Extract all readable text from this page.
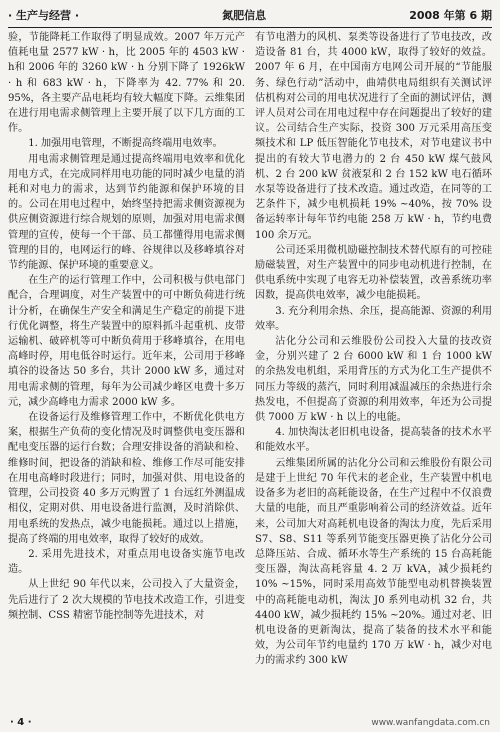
· 生产与经营 ·	氮肥信息	2008 年第 6 期

验，节能降耗工作取得了明显成效。2007 年万元产值耗电量 2577 kW · h，比 2005 年的 4503 kW · h和 2006 年的 3260 kW · h 分别下降了 1926kW · h 和 683 kW · h，下降率为 42. 77% 和 20. 95%，各主要产品电耗均有较大幅度下降。云维集团在进行用电需求侧管理上主要开展了以下几方面的工作。

1. 加强用电管理，不断提高终端用电效率。

用电需求侧管理是通过提高终端用电效率和优化用电方式，在完成同样用电功能的同时减少电量的消耗和对电力的需求，达到节约能源和保护环境的目的。公司在用电过程中，始终坚持把需求侧资源视为供应侧资源进行综合规划的原则，加强对用电需求侧管理的宣传，使每一个干部、员工都懂得用电需求侧管理的目的，电网运行的峰、谷规律以及移峰填谷对节约能源、保护环境的重要意义。

在生产的运行管理工作中，公司积极与供电部门配合，合理调度，对生产装置中的可中断负荷进行统计分析，在确保生产安全和满足生产稳定的前提下进行优化调整，将生产装置中的原料抓斗起重机、皮带运输机、破碎机等可中断负荷用于移峰填谷，在用电高峰时停，用电低谷时运行。近年来，公司用于移峰填谷的设备达 50 多台，共计 2000 kW 多，通过对用电需求侧的管理，每年为公司减少峰区电费十多万元，减少高峰电力需求 2000 kW 多。

在设备运行及维修管理工作中，不断优化供电方案，根据生产负荷的变化情况及时调整供电变压器和配电变压器的运行台数；合理安排设备的消缺和检、维修时间，把设备的消缺和检、维修工作尽可能安排在用电高峰时段进行；同时，加强对供、用电设备的管理，公司投资 40 多万元购置了 1 台远红外测温成相仪，定期对供、用电设备进行监测，及时消除供、用电系统的发热点，减少电能损耗。通过以上措施，提高了终端的用电效率，取得了较好的成效。

2. 采用先进技术，对重点用电设备实施节电改造。

从上世纪 90 年代以来，公司投入了大量资金，先后进行了 2 次大规模的节电技术改造工作，引进变频控制、CSS 精密节能控制等先进技术，对

有节电潜力的风机、泵类等设备进行了节电技改，改造设备 81 台，共 4000 kW，取得了较好的效益。2007 年 6 月，在中国南方电网公司开展的“节能服务、绿色行动”活动中，曲靖供电局组织有关测试评估机构对公司的用电状况进行了全面的测试评估，测评人员对公司在用电过程中存在问题提出了较好的建议。公司结合生产实际，投资 300 万元采用高压变频技术和 LP 低压智能化节电技术，对节电建议书中提出的有较大节电潜力的 2 台 450 kW 煤气鼓风机、2 台 200 kW 贫液泵和 2 台 152 kW 电石循环水泵等设备进行了技术改造。通过改造，在同等的工艺条件下，减少电机损耗 19% ~40%，按 70% 设备运转率计每年节约电能 258 万 kW · h，节约电费 100 余万元。

公司还采用微机励磁控制技术替代原有的可控硅励磁装置，对生产装置中的同步电动机进行控制，在供电系统中实现了电容无功补偿装置，改善系统功率因数，提高供电效率，减少电能损耗。

3. 充分利用余热、余压，提高能源、资源的利用效率。

沾化分公司和云维股份公司投入大量的技改资金，分别兴建了 2 台 6000 kW 和 1 台 1000 kW 的余热发电机组，采用背压的方式为化工生产提供不同压力等级的蒸汽，同时利用减温减压的余热进行余热发电，不但提高了资源的利用效率，年还为公司提供 7000 万 kW · h 以上的电能。

4. 加快淘汰老旧机电设备，提高装备的技术水平和能效水平。

云维集团所属的沾化分公司和云维股份有限公司是建于上世纪 70 年代末的老企业，生产装置中机电设备多为老旧的高耗能设备，在生产过程中不仅浪费大量的电能，而且严重影响着公司的经济效益。近年来，公司加大对高耗机电设备的淘汰力度，先后采用 S7、S8、S11 等系列节能变压器更换了沾化分公司总降压站、合成、循环水等生产系统的 15 台高耗能变压器，淘汰高耗容量 4. 2 万 kVA，减少损耗约 10% ~15%，同时采用高效节能型电动机替换装置中的高耗能电动机，淘汰 J0 系列电动机 32 台，共 4400 kW，减少损耗约 15% ~20%。通过对老、旧机电设备的更新淘汰，提高了装备的技术水平和能效，为公司年节约电量约 170 万 kW · h，减少对电力的需求约 300 kW

· 4 ·	www.wanfangdata.com.cn
